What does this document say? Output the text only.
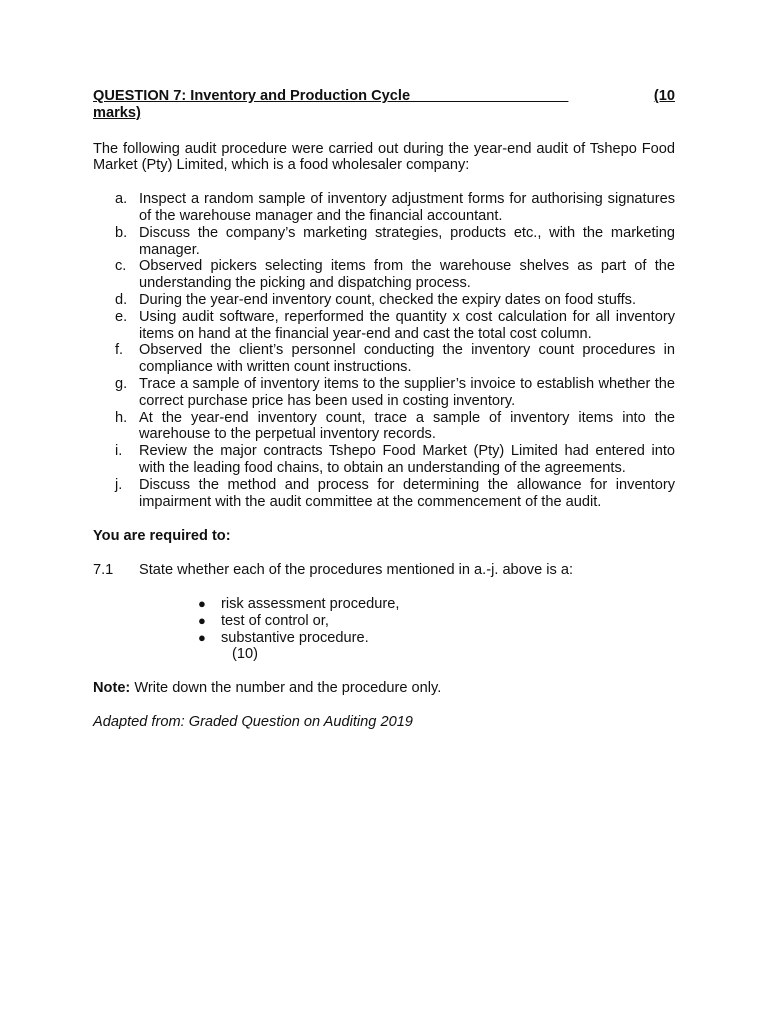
QUESTION 7: Inventory and Production Cycle ___________________	(10
marks)
The following audit procedure were carried out during the year-end audit of Tshepo Food Market (Pty) Limited, which is a food wholesaler company:
a. Inspect a random sample of inventory adjustment forms for authorising signatures of the warehouse manager and the financial accountant.
b. Discuss the company’s marketing strategies, products etc., with the marketing manager.
c. Observed pickers selecting items from the warehouse shelves as part of the understanding the picking and dispatching process.
d. During the year-end inventory count, checked the expiry dates on food stuffs.
e. Using audit software, reperformed the quantity x cost calculation for all inventory items on hand at the financial year-end and cast the total cost column.
f.	Observed the client’s personnel conducting the inventory count procedures in compliance with written count instructions.
g. Trace a sample of inventory items to the supplier’s invoice to establish whether the correct purchase price has been used in costing inventory.
h. At the year-end inventory count, trace a sample of inventory items into the warehouse to the perpetual inventory records.
i.	Review the major contracts Tshepo Food Market (Pty) Limited had entered into with the leading food chains, to obtain an understanding of the agreements.
j.	Discuss the method and process for determining the allowance for inventory impairment with the audit committee at the commencement of the audit.
You are required to:
7.1	State whether each of the procedures mentioned in a.-j. above is a:
●	risk assessment procedure,
●	test of control or,
●	substantive procedure.
(10)
Note: Write down the number and the procedure only.
Adapted from: Graded Question on Auditing 2019
